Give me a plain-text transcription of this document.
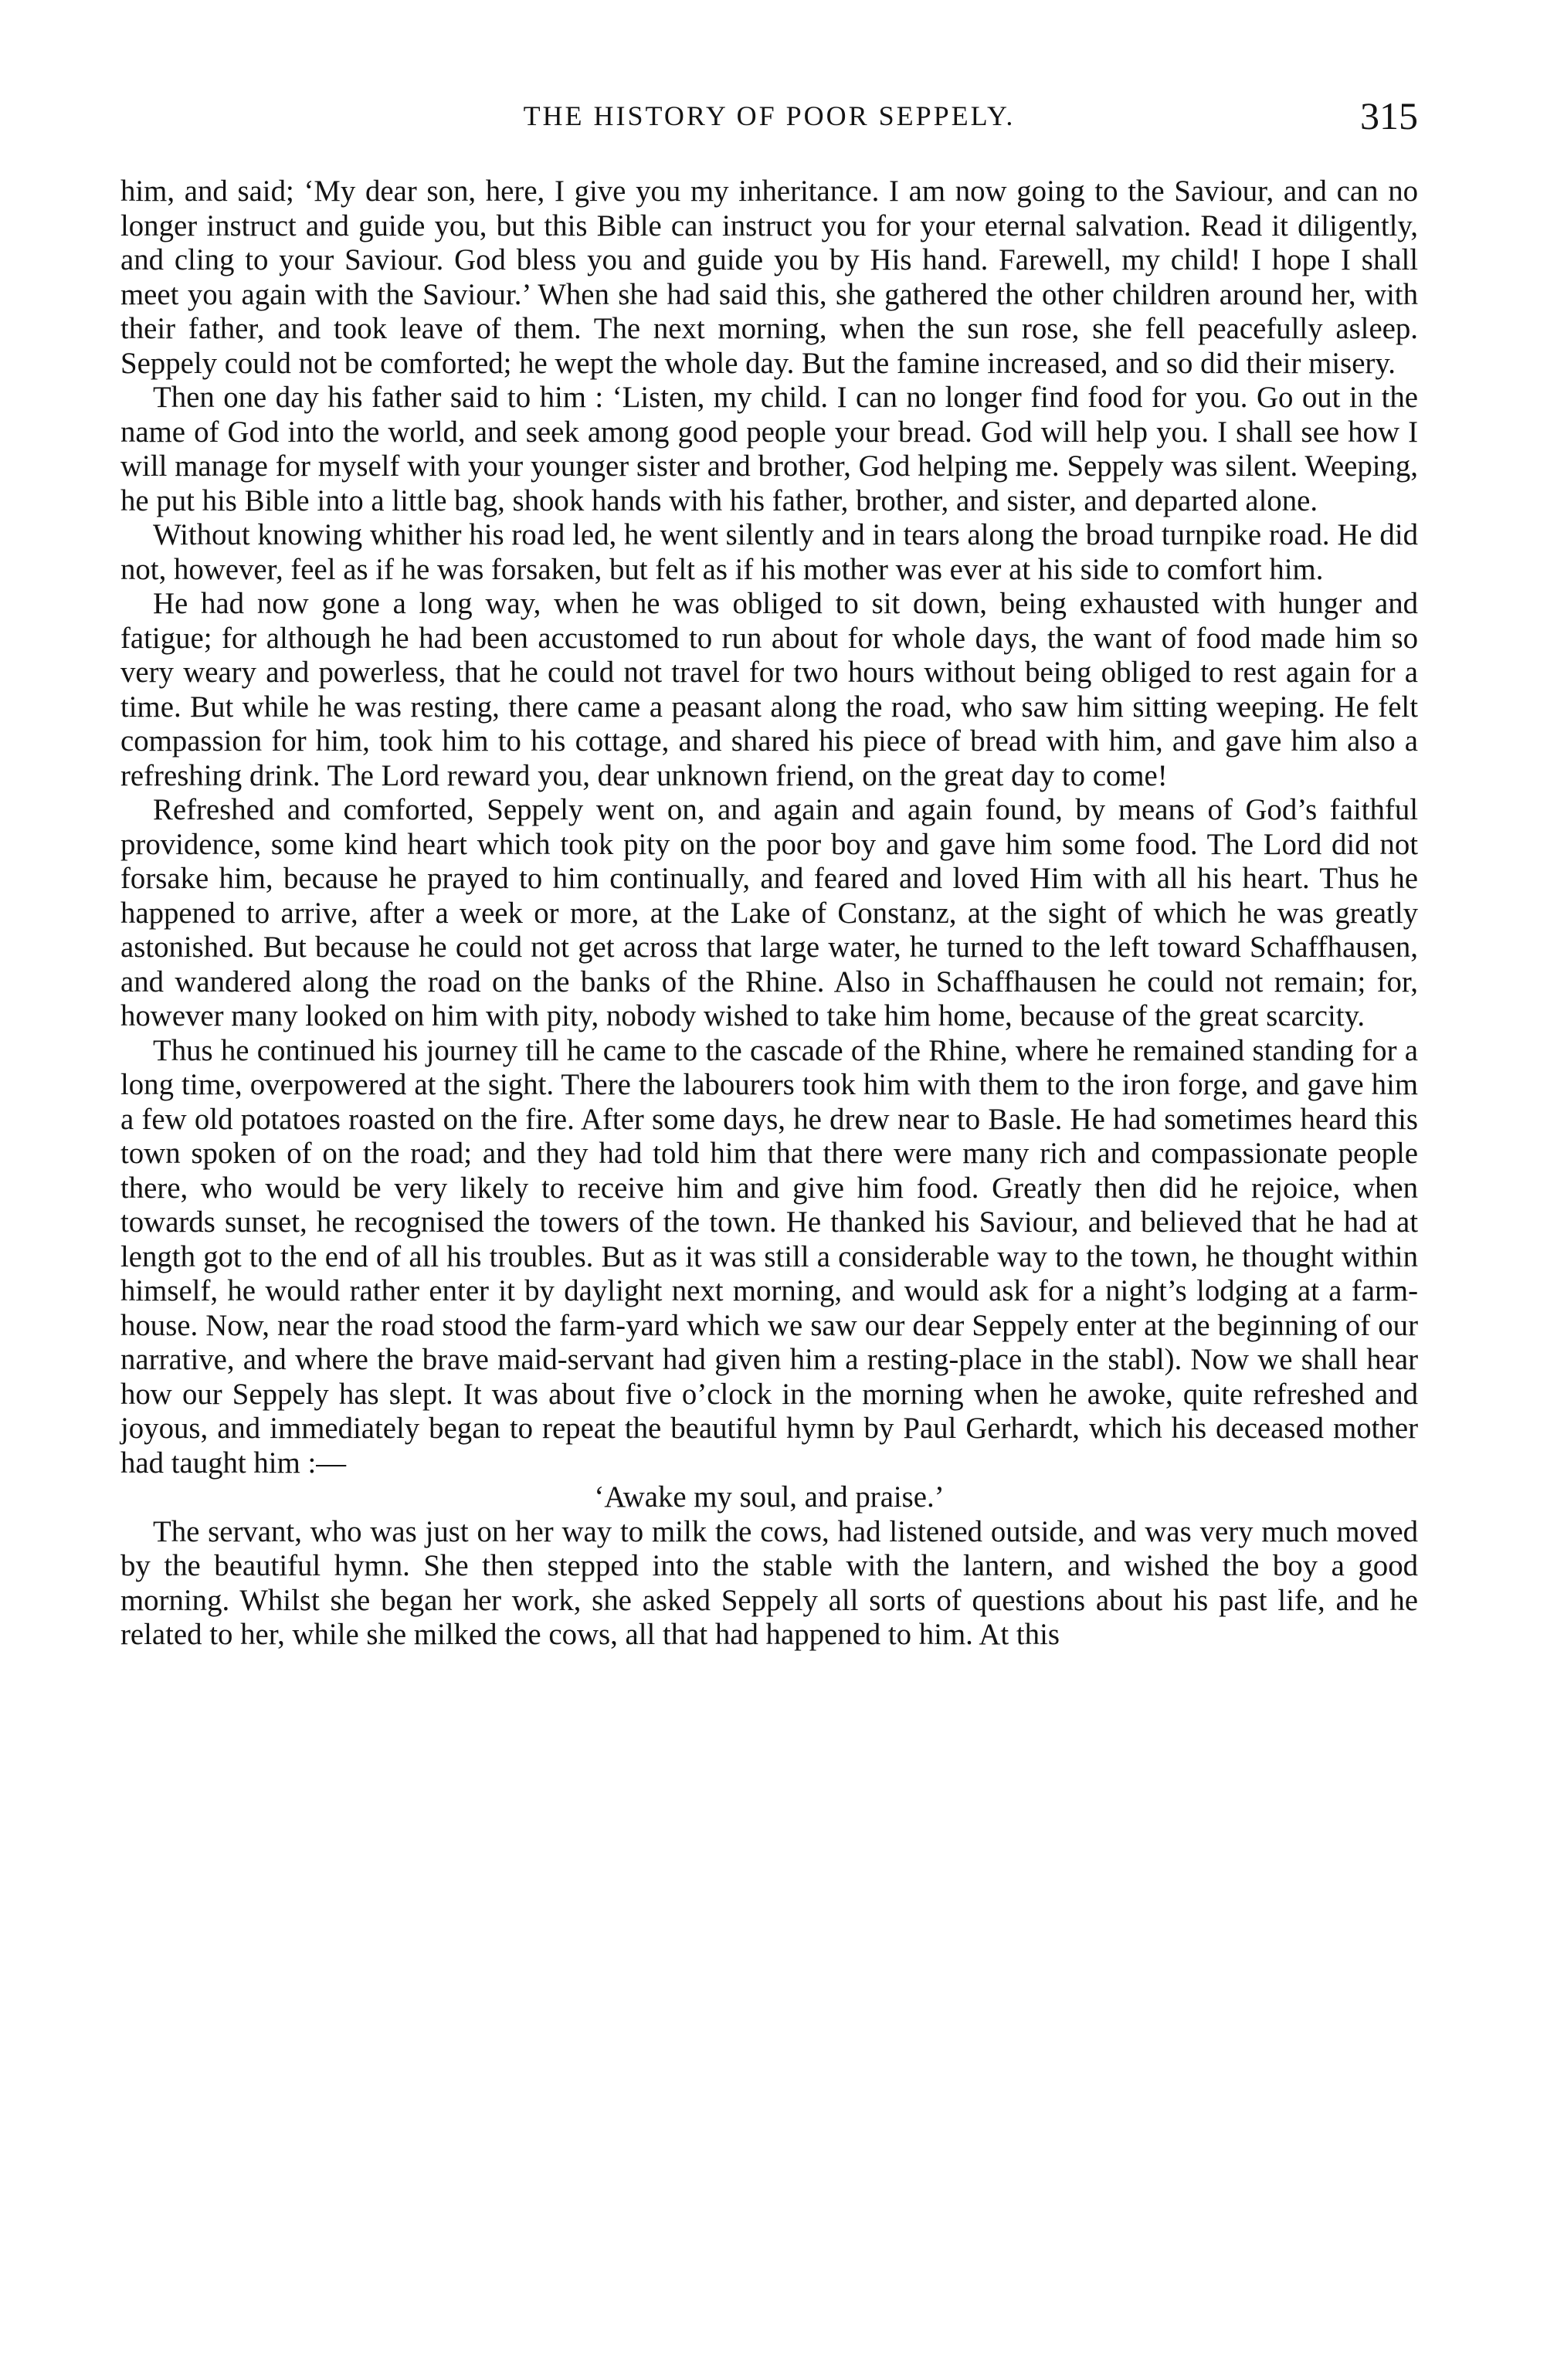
THE HISTORY OF POOR SEPPELY.	315

him, and said; ‘My dear son, here, I give you my inheritance. I am now going to the Saviour, and can no longer instruct and guide you, but this Bible can instruct you for your eternal salvation. Read it diligently, and cling to your Saviour. God bless you and guide you by His hand. Farewell, my child! I hope I shall meet you again with the Saviour.’ When she had said this, she gathered the other children around her, with their father, and took leave of them. The next morning, when the sun rose, she fell peacefully asleep. Seppely could not be comforted; he wept the whole day. But the famine increased, and so did their misery.

Then one day his father said to him : ‘Listen, my child. I can no longer find food for you. Go out in the name of God into the world, and seek among good people your bread. God will help you. I shall see how I will manage for myself with your younger sister and brother, God helping me. Seppely was silent. Weeping, he put his Bible into a little bag, shook hands with his father, brother, and sister, and departed alone.

Without knowing whither his road led, he went silently and in tears along the broad turnpike road. He did not, however, feel as if he was forsaken, but felt as if his mother was ever at his side to comfort him.

He had now gone a long way, when he was obliged to sit down, being exhausted with hunger and fatigue; for although he had been accustomed to run about for whole days, the want of food made him so very weary and powerless, that he could not travel for two hours without being obliged to rest again for a time. But while he was resting, there came a peasant along the road, who saw him sitting weeping. He felt compassion for him, took him to his cottage, and shared his piece of bread with him, and gave him also a refreshing drink. The Lord reward you, dear unknown friend, on the great day to come!

Refreshed and comforted, Seppely went on, and again and again found, by means of God’s faithful providence, some kind heart which took pity on the poor boy and gave him some food. The Lord did not forsake him, because he prayed to him continually, and feared and loved Him with all his heart. Thus he happened to arrive, after a week or more, at the Lake of Constanz, at the sight of which he was greatly astonished. But because he could not get across that large water, he turned to the left toward Schaffhausen, and wandered along the road on the banks of the Rhine. Also in Schaffhausen he could not remain; for, however many looked on him with pity, nobody wished to take him home, because of the great scarcity.

Thus he continued his journey till he came to the cascade of the Rhine, where he remained standing for a long time, overpowered at the sight. There the labourers took him with them to the iron forge, and gave him a few old potatoes roasted on the fire. After some days, he drew near to Basle. He had sometimes heard this town spoken of on the road; and they had told him that there were many rich and compassionate people there, who would be very likely to receive him and give him food. Greatly then did he rejoice, when towards sunset, he recognised the towers of the town. He thanked his Saviour, and believed that he had at length got to the end of all his troubles. But as it was still a considerable way to the town, he thought within himself, he would rather enter it by daylight next morning, and would ask for a night’s lodging at a farm-house. Now, near the road stood the farm-yard which we saw our dear Seppely enter at the beginning of our narrative, and where the brave maid-servant had given him a resting-place in the stabl). Now we shall hear how our Seppely has slept. It was about five o’clock in the morning when he awoke, quite refreshed and joyous, and immediately began to repeat the beautiful hymn by Paul Gerhardt, which his deceased mother had taught him :—

‘Awake my soul, and praise.’

The servant, who was just on her way to milk the cows, had listened outside, and was very much moved by the beautiful hymn. She then stepped into the stable with the lantern, and wished the boy a good morning. Whilst she began her work, she asked Seppely all sorts of questions about his past life, and he related to her, while she milked the cows, all that had happened to him. At this
